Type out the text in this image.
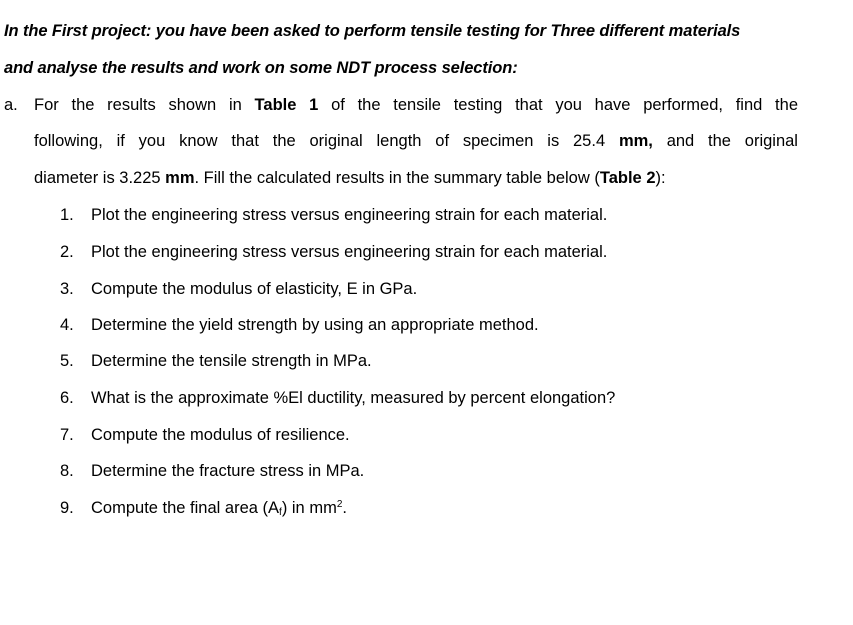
In the First project: you have been asked to perform tensile testing for Three different materials
and analyse the results and work on some NDT process selection:
a. For the results shown in Table 1 of the tensile testing that you have performed, find the
following, if you know that the original length of specimen is 25.4 mm, and the original
diameter is 3.225 mm. Fill the calculated results in the summary table below (Table 2):
1. Plot the engineering stress versus engineering strain for each material.
2. Plot the engineering stress versus engineering strain for each material.
3. Compute the modulus of elasticity, E in GPa.
4. Determine the yield strength by using an appropriate method.
5. Determine the tensile strength in MPa.
6. What is the approximate %El ductility, measured by percent elongation?
7. Compute the modulus of resilience.
8. Determine the fracture stress in MPa.
9. Compute the final area $(A_f)$ in $mm^2$.
